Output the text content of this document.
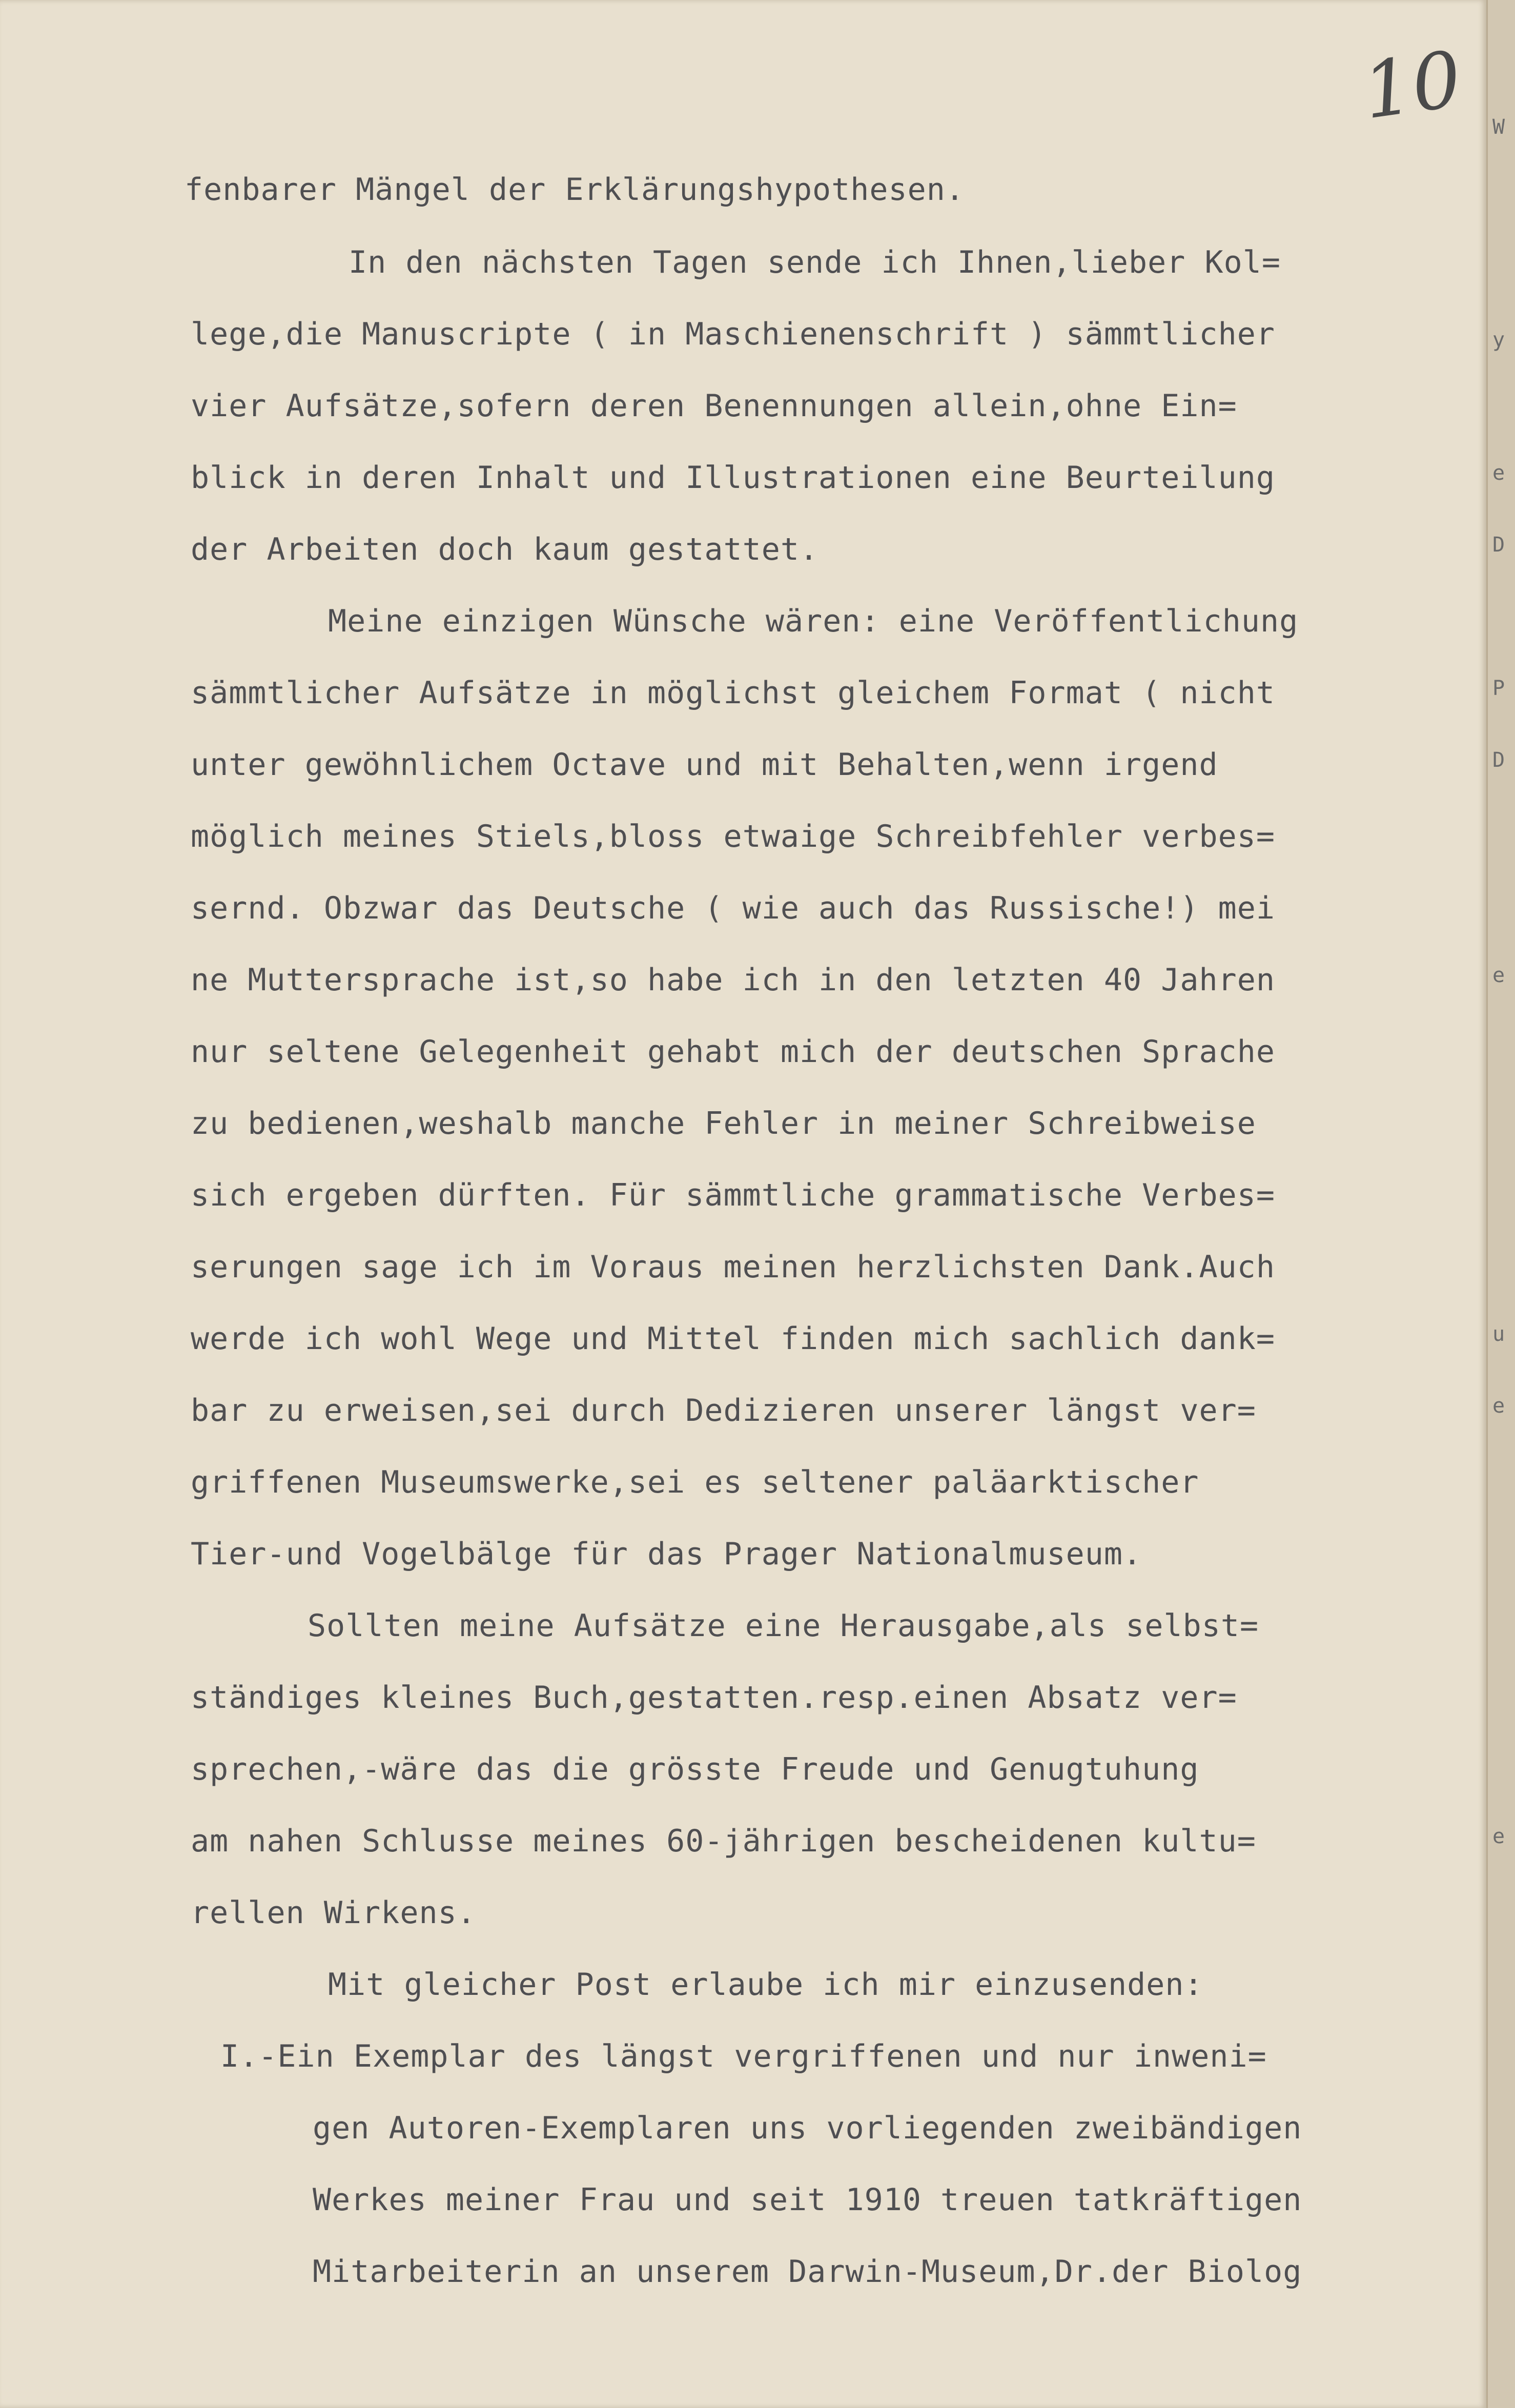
10
fenbarer Mängel der Erklärungshypothesen.
In den nächsten Tagen sende ich Ihnen,lieber Kol=
lege,die Manuscripte ( in Maschienenschrift ) sämmtlicher
vier Aufsätze,sofern deren Benennungen allein,ohne Ein=
blick in deren Inhalt und Illustrationen eine Beurteilung
der Arbeiten doch kaum gestattet.
Meine einzigen Wünsche wären: eine Veröffentlichung
sämmtlicher Aufsätze in möglichst gleichem Format ( nicht
unter gewöhnlichem Octave und mit Behalten,wenn irgend
möglich meines Stiels,bloss etwaige Schreibfehler verbes=
sernd. Obzwar das Deutsche ( wie auch das Russische!) mei
ne Muttersprache ist,so habe ich in den letzten 40 Jahren
nur seltene Gelegenheit gehabt mich der deutschen Sprache
zu bedienen,weshalb manche Fehler in meiner Schreibweise
sich ergeben dürften. Für sämmtliche grammatische Verbes=
serungen sage ich im Voraus meinen herzlichsten Dank.Auch
werde ich wohl Wege und Mittel finden mich sachlich dank=
bar zu erweisen,sei durch Dedizieren unserer längst ver=
griffenen Museumswerke,sei es seltener paläarktischer
Tier-und Vogelbälge für das Prager Nationalmuseum.
Sollten meine Aufsätze eine Herausgabe,als selbst=
ständiges kleines Buch,gestatten.resp.einen Absatz ver=
sprechen,-wäre das die grösste Freude und Genugtuhung
am nahen Schlusse meines 60-jährigen bescheidenen kultu=
rellen Wirkens.
Mit gleicher Post erlaube ich mir einzusenden:
I.-Ein Exemplar des längst vergriffenen und nur inweni=
gen Autoren-Exemplaren uns vorliegenden zweibändigen
Werkes meiner Frau und seit 1910 treuen tatkräftigen
Mitarbeiterin an unserem Darwin-Museum,Dr.der Biolog
W
y
e
D
P
D
e
u
e
e
